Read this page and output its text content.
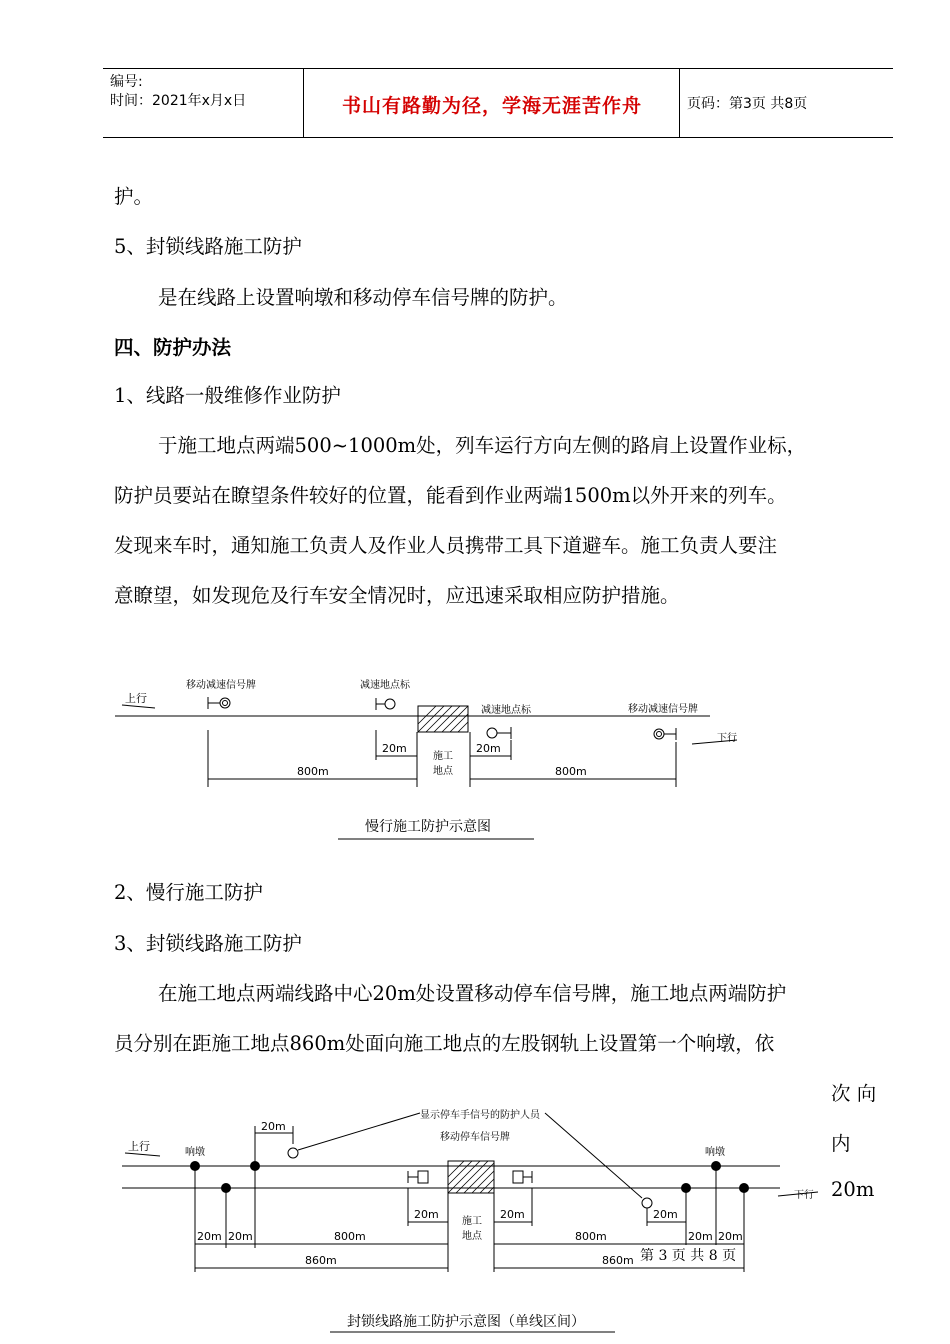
编号:
时间：2021年x月x日	书山有路勤为径，学海无涯苦作舟	页码：第3页 共8页
护。
5、封锁线路施工防护
是在线路上设置响墩和移动停车信号牌的防护。
四、防护办法
1、线路一般维修作业防护
于施工地点两端500~1000m处，列车运行方向左侧的路肩上设置作业标，
防护员要站在瞭望条件较好的位置，能看到作业两端1500m以外开来的列车。
发现来车时，通知施工负责人及作业人员携带工具下道避车。施工负责人要注
意瞭望，如发现危及行车安全情况时，应迅速采取相应防护措施。
上行
移动减速信号牌	减速地点标
减速地点标	移动减速信号牌
下行
施工
地点
20m	20m
800m	800m
慢行施工防护示意图
2、慢行施工防护
3、封锁线路施工防护
在施工地点两端线路中心20m处设置移动停车信号牌，施工地点两端防护
员分别在距施工地点860m处面向施工地点的左股钢轨上设置第一个响墩，依
次 向
内
20m
上行
下行
显示停车手信号的防护人员
移动停车信号牌
响墩	响墩
施工
地点
20m
20m	20m	20m
20m 20m	20m 20m
800m	800m
860m	860m
封锁线路施工防护示意图（单线区间）
第 3 页 共 8 页
